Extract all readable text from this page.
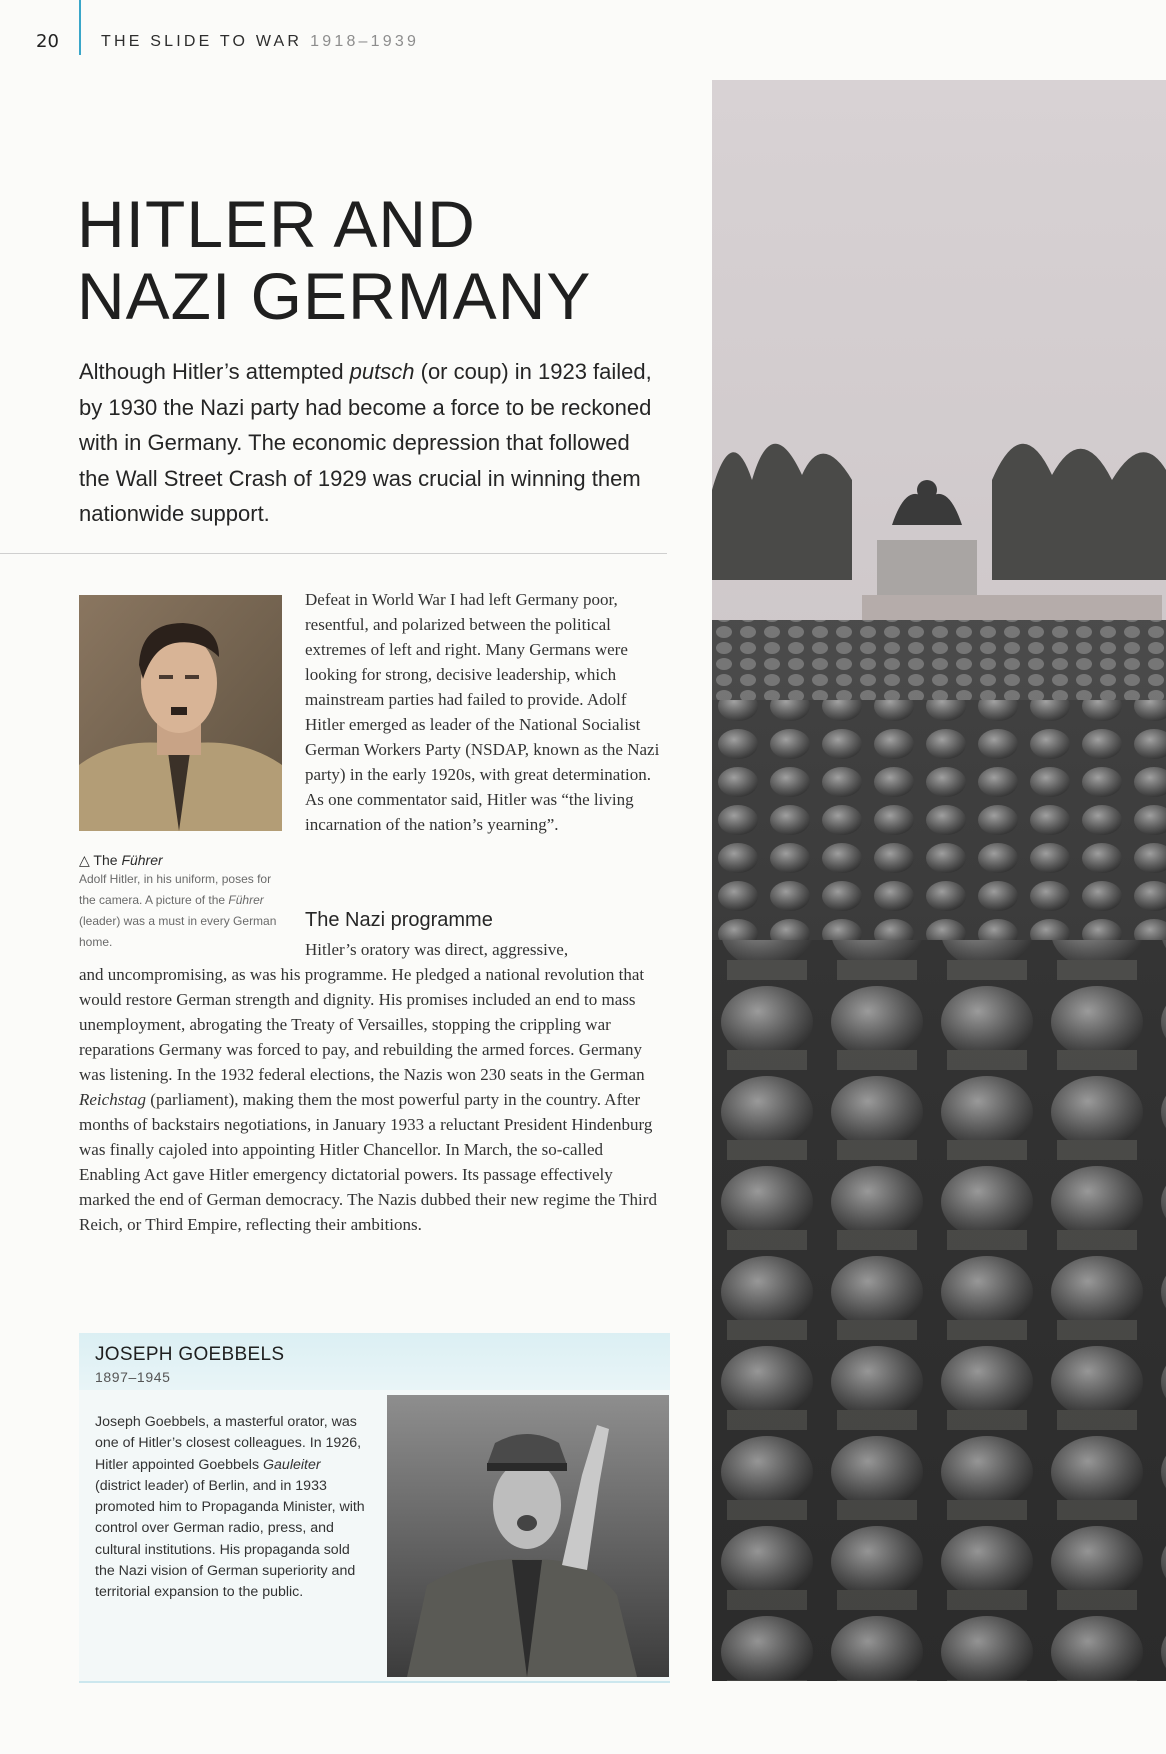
20	THE SLIDE TO WAR 1918–1939
HITLER AND
NAZI GERMANY
Although Hitler’s attempted putsch (or coup) in 1923 failed, by 1930 the Nazi party had become a force to be reckoned with in Germany. The economic depression that followed the Wall Street Crash of 1929 was crucial in winning them nationwide support.
△ The Führer
Adolf Hitler, in his uniform, poses for the camera. A picture of the Führer (leader) was a must in every German home.
Defeat in World War I had left Germany poor, resentful, and polarized between the political extremes of left and right. Many Germans were looking for strong, decisive leadership, which mainstream parties had failed to provide. Adolf Hitler emerged as leader of the National Socialist German Workers Party (NSDAP, known as the Nazi party) in the early 1920s, with great determination. As one commentator said, Hitler was “the living incarnation of the nation’s yearning”.
The Nazi programme
Hitler’s oratory was direct, aggressive,
and uncompromising, as was his programme. He pledged a national revolution that would restore German strength and dignity. His promises included an end to mass unemployment, abrogating the Treaty of Versailles, stopping the crippling war reparations Germany was forced to pay, and rebuilding the armed forces. Germany was listening. In the 1932 federal elections, the Nazis won 230 seats in the German Reichstag (parliament), making them the most powerful party in the country. After months of backstairs negotiations, in January 1933 a reluctant President Hindenburg was finally cajoled into appointing Hitler Chancellor. In March, the so-called Enabling Act gave Hitler emergency dictatorial powers. Its passage effectively marked the end of German democracy. The Nazis dubbed their new regime the Third Reich, or Third Empire, reflecting their ambitions.
JOSEPH GOEBBELS
1897–1945
Joseph Goebbels, a masterful orator, was one of Hitler’s closest colleagues. In 1926, Hitler appointed Goebbels Gauleiter (district leader) of Berlin, and in 1933 promoted him to Propaganda Minister, with control over German radio, press, and cultural institutions. His propaganda sold the Nazi vision of German superiority and territorial expansion to the public.
